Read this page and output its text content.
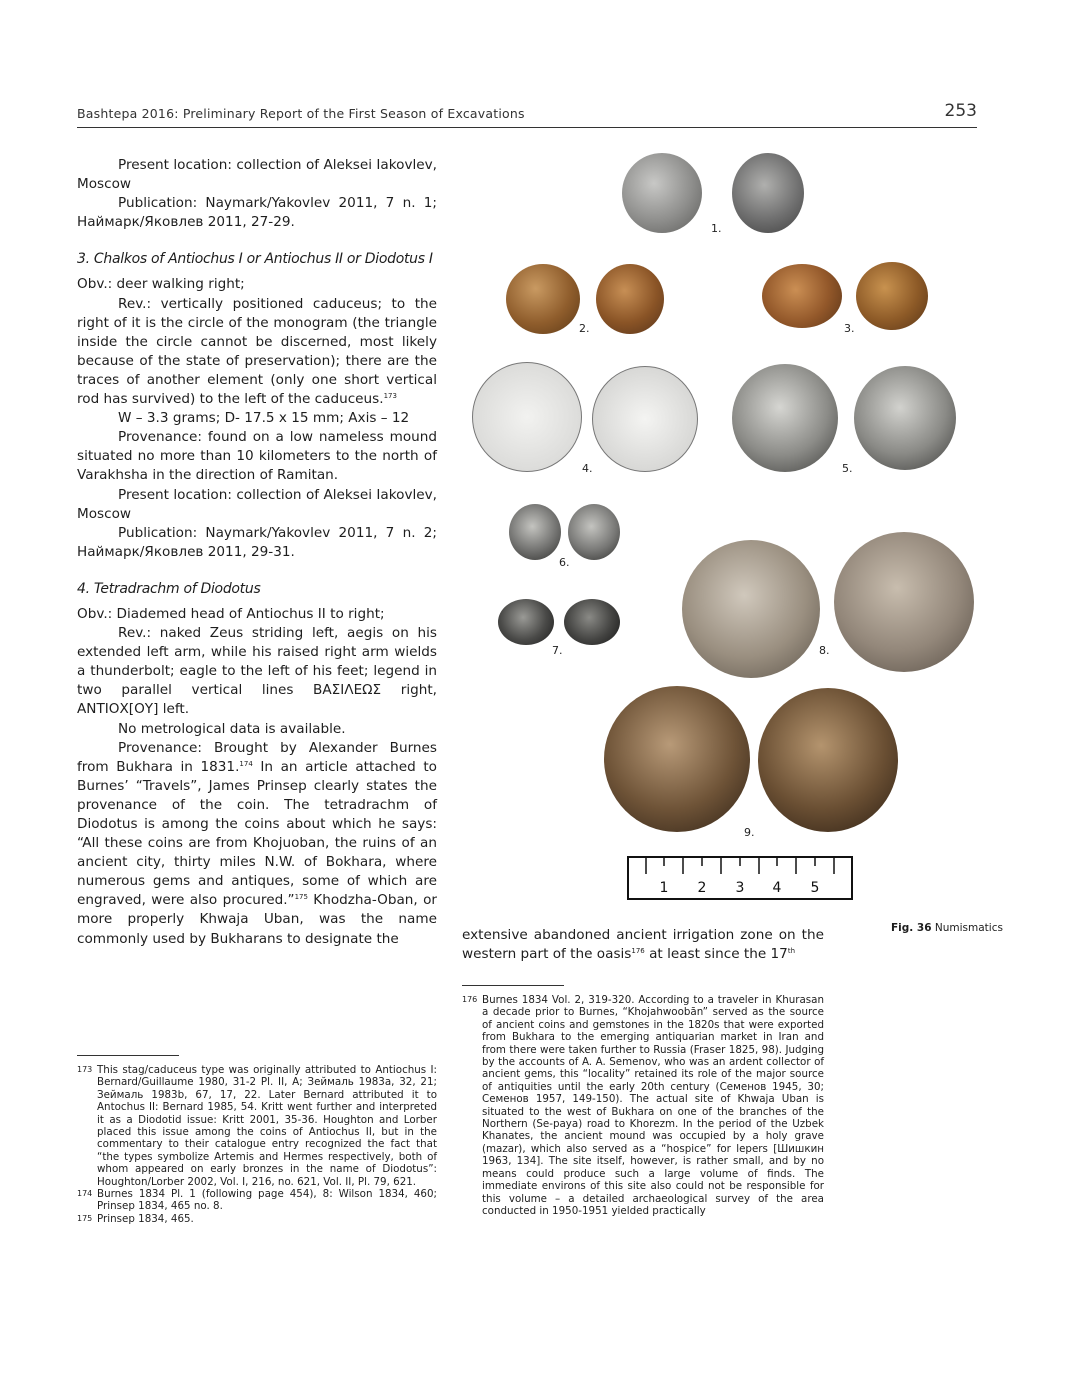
Bashtepa 2016: Preliminary Report of the First Season of Excavations	253

Present location: collection of Aleksei Iakovlev, Moscow

Publication: Naymark/Yakovlev 2011, 7 n. 1; Наймарк/Яковлев 2011, 27-29.

3. Chalkos of Antiochus I or Antiochus II or Diodotus I

Obv.: deer walking right;

Rev.: vertically positioned caduceus; to the right of it is the circle of the monogram (the triangle inside the circle cannot be discerned, most likely because of the state of preservation); there are the traces of another element (only one short vertical rod has survived) to the left of the caduceus.$^{173}$

W – 3.3 grams; D- 17.5 x 15 mm; Axis – 12

Provenance: found on a low nameless mound situated no more than 10 kilometers to the north of Varakhsha in the direction of Ramitan.

Present location: collection of Aleksei Iakovlev, Moscow

Publication: Naymark/Yakovlev 2011, 7 n. 2; Наймарк/Яковлев 2011, 29-31.

4. Tetradrachm of Diodotus

Obv.: Diademed head of Antiochus II to right;

Rev.: naked Zeus striding left, aegis on his extended left arm, while his raised right arm wields a thunderbolt; eagle to the left of his feet; legend in two parallel vertical lines ΒΑΣΙΛΕΩΣ right, ΑΝΤΙΟΧ[ΟΥ] left.

No metrological data is available.

Provenance: Brought by Alexander Burnes from Bukhara in 1831.$^{174}$ In an article attached to Burnes’ “Travels”, James Prinsep clearly states the provenance of the coin. The tetradrachm of Diodotus is among the coins about which he says: “All these coins are from Khojuoban, the ruins of an ancient city, thirty miles N.W. of Bokhara, where numerous gems and antiques, some of which are engraved, were also procured.”$^{175}$ Khodzha-Oban, or more properly Khwaja Uban, was the name commonly used by Bukharans to designate the

173 This stag/caduceus type was originally attributed to Antiochus I: Bernard/Guillaume 1980, 31-2 Pl. II, A; Зеймаль 1983a, 32, 21; Зеймаль 1983b, 67, 17, 22. Later Bernard attributed it to Antochus II: Bernard 1985, 54. Kritt went further and interpreted it as a Diodotid issue: Kritt 2001, 35-36. Houghton and Lorber placed this issue among the coins of Antiochus II, but in the commentary to their catalogue entry recognized the fact that “the types symbolize Artemis and Hermes respectively, both of whom appeared on early bronzes in the name of Diodotus”: Houghton/Lorber 2002, Vol. I, 216, no. 621, Vol. II, Pl. 79, 621.
174 Burnes 1834 Pl. 1 (following page 454), 8: Wilson 1834, 460; Prinsep 1834, 465 no. 8.
175 Prinsep 1834, 465.
1.
2.	3.
4.	5.
6.
7.	8.
9.
1 2 3 4 5
Fig. 36 Numismatics
extensive abandoned ancient irrigation zone on the western part of the oasis$^{176}$ at least since the 17th
176 Burnes 1834 Vol. 2, 319-320. According to a traveler in Khurasan a decade prior to Burnes, “Khojahwoobān” served as the source of ancient coins and gemstones in the 1820s that were exported from Bukhara to the emerging antiquarian market in Iran and from there were taken further to Russia (Fraser 1825, 98). Judging by the accounts of A. A. Semenov, who was an ardent collector of ancient gems, this “locality” retained its role of the major source of antiquities until the early 20th century (Семенов 1945, 30; Семенов 1957, 149-150). The actual site of Khwaja Uban is situated to the west of Bukhara on one of the branches of the Northern (Se-paya) road to Khorezm. In the period of the Uzbek Khanates, the ancient mound was occupied by a holy grave (mazar), which also served as a “hospice” for lepers [Шишкин 1963, 134]. The site itself, however, is rather small, and by no means could produce such a large volume of finds. The immediate environs of this site also could not be responsible for this volume – a detailed archaeological survey of the area conducted in 1950-1951 yielded practically
